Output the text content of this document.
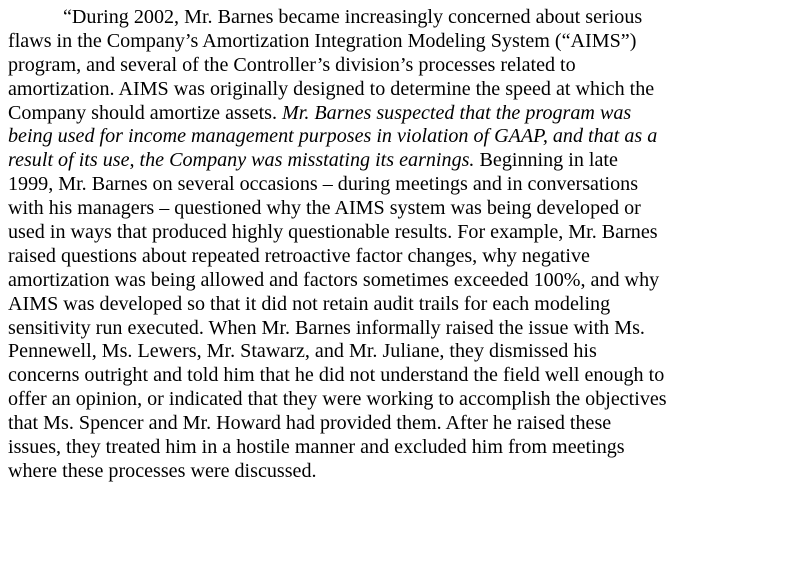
“During 2002, Mr. Barnes became increasingly concerned about serious
flaws in the Company’s Amortization Integration Modeling System (“AIMS”)
program, and several of the Controller’s division’s processes related to
amortization. AIMS was originally designed to determine the speed at which the
Company should amortize assets. Mr. Barnes suspected that the program was
being used for income management purposes in violation of GAAP, and that as a
result of its use, the Company was misstating its earnings. Beginning in late
1999, Mr. Barnes on several occasions – during meetings and in conversations
with his managers – questioned why the AIMS system was being developed or
used in ways that produced highly questionable results. For example, Mr. Barnes
raised questions about repeated retroactive factor changes, why negative
amortization was being allowed and factors sometimes exceeded 100%, and why
AIMS was developed so that it did not retain audit trails for each modeling
sensitivity run executed. When Mr. Barnes informally raised the issue with Ms.
Pennewell, Ms. Lewers, Mr. Stawarz, and Mr. Juliane, they dismissed his
concerns outright and told him that he did not understand the field well enough to
offer an opinion, or indicated that they were working to accomplish the objectives
that Ms. Spencer and Mr. Howard had provided them. After he raised these
issues, they treated him in a hostile manner and excluded him from meetings
where these processes were discussed.
